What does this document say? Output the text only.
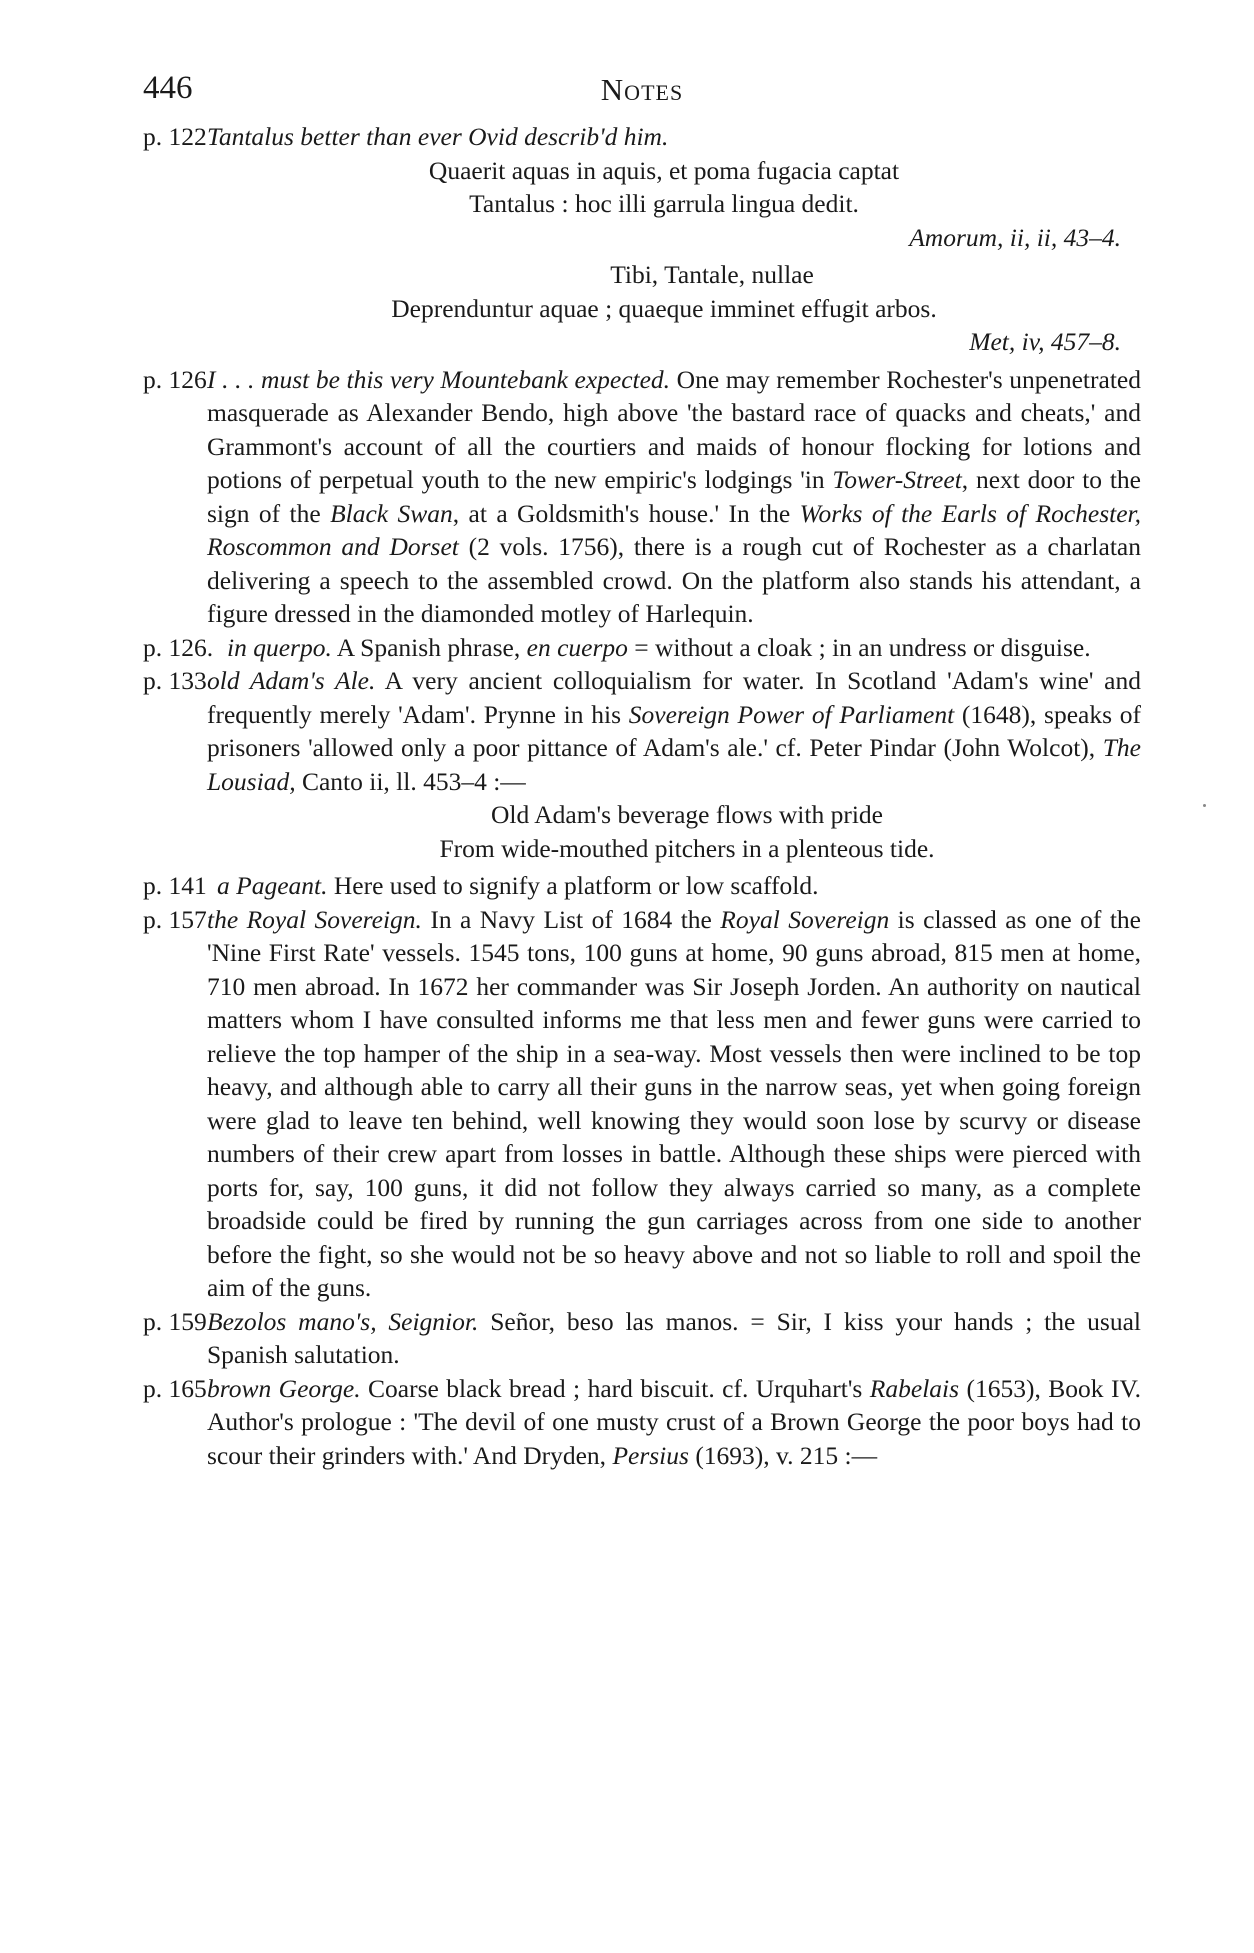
446	Notes
p. 122 Tantalus better than ever Ovid describ'd him.
Quaerit aquas in aquis, et poma fugacia captat
Tantalus : hoc illi garrula lingua dedit.
Amorum, ii, ii, 43–4.
Tibi, Tantale, nullae
Deprenduntur aquae ; quaeque imminet effugit arbos.
Met, iv, 457–8.
p. 126 I . . . must be this very Mountebank expected. One may remember Rochester's unpenetrated masquerade as Alexander Bendo, high above 'the bastard race of quacks and cheats,' and Grammont's account of all the courtiers and maids of honour flocking for lotions and potions of perpetual youth to the new empiric's lodgings 'in Tower-Street, next door to the sign of the Black Swan, at a Goldsmith's house.' In the Works of the Earls of Rochester, Roscommon and Dorset (2 vols. 1756), there is a rough cut of Rochester as a charlatan delivering a speech to the assembled crowd. On the platform also stands his attendant, a figure dressed in the diamonded motley of Harlequin.
p. 126. in querpo. A Spanish phrase, en cuerpo = without a cloak ; in an undress or disguise.
p. 133 old Adam's Ale. A very ancient colloquialism for water. In Scotland 'Adam's wine' and frequently merely 'Adam'. Prynne in his Sovereign Power of Parliament (1648), speaks of prisoners 'allowed only a poor pittance of Adam's ale.' cf. Peter Pindar (John Wolcot), The Lousiad, Canto ii, ll. 453–4 :—
Old Adam's beverage flows with pride
From wide-mouthed pitchers in a plenteous tide.
p. 141 a Pageant. Here used to signify a platform or low scaffold.
p. 157 the Royal Sovereign. In a Navy List of 1684 the Royal Sovereign is classed as one of the 'Nine First Rate' vessels. 1545 tons, 100 guns at home, 90 guns abroad, 815 men at home, 710 men abroad. In 1672 her commander was Sir Joseph Jorden. An authority on nautical matters whom I have consulted informs me that less men and fewer guns were carried to relieve the top hamper of the ship in a sea-way. Most vessels then were inclined to be top heavy, and although able to carry all their guns in the narrow seas, yet when going foreign were glad to leave ten behind, well knowing they would soon lose by scurvy or disease numbers of their crew apart from losses in battle. Although these ships were pierced with ports for, say, 100 guns, it did not follow they always carried so many, as a complete broadside could be fired by running the gun carriages across from one side to another before the fight, so she would not be so heavy above and not so liable to roll and spoil the aim of the guns.
p. 159 Bezolos mano's, Seignior. Señor, beso las manos. = Sir, I kiss your hands ; the usual Spanish salutation.
p. 165 brown George. Coarse black bread ; hard biscuit. cf. Urquhart's Rabelais (1653), Book IV. Author's prologue : 'The devil of one musty crust of a Brown George the poor boys had to scour their grinders with.' And Dryden, Persius (1693), v. 215 :—
